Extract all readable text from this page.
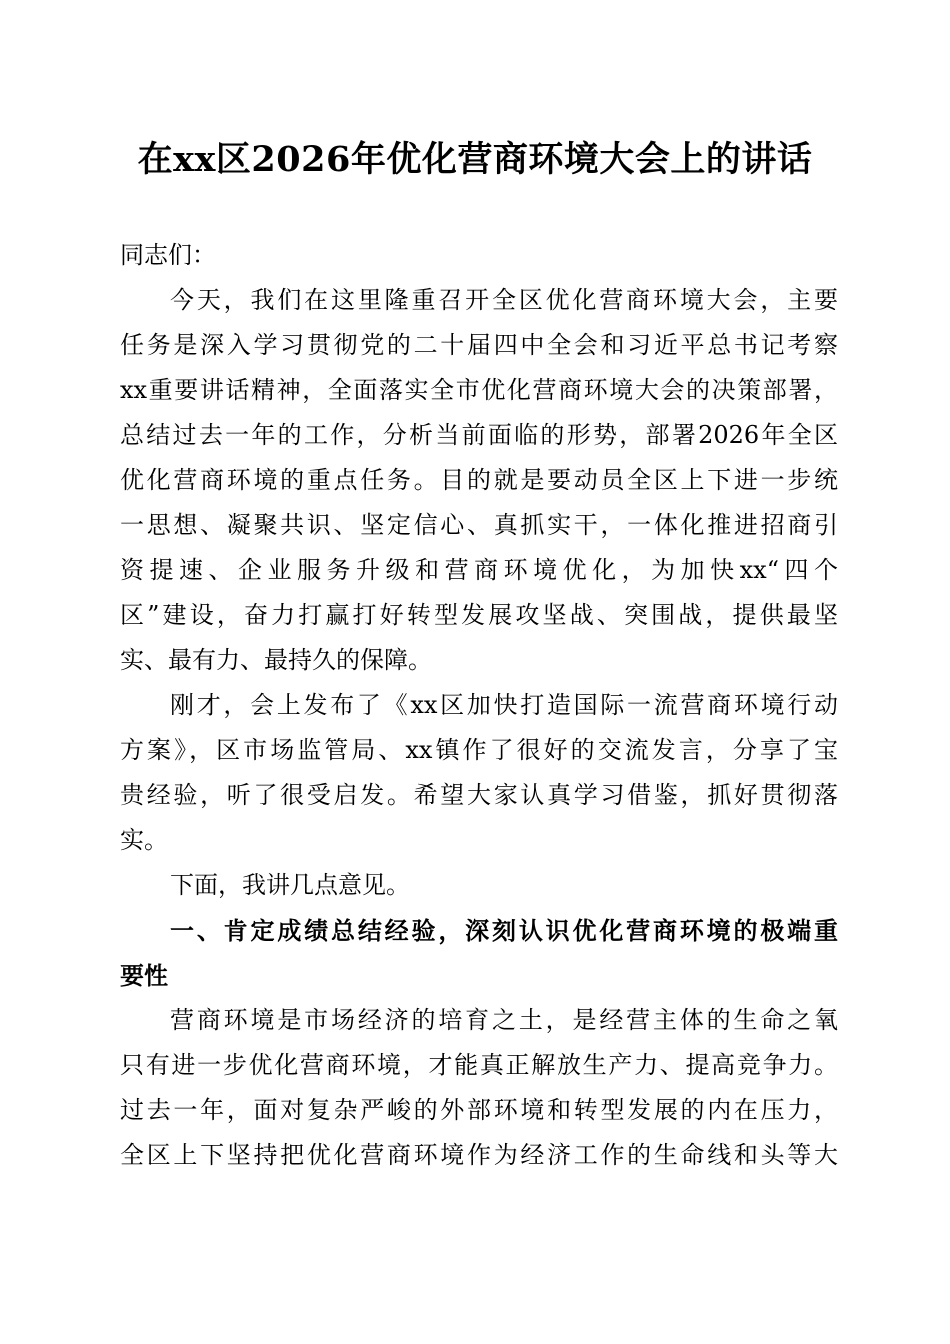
在xx区2026年优化营商环境大会上的讲话
同志们：
今天，我们在这里隆重召开全区优化营商环境大会，主要
任务是深入学习贯彻党的二十届四中全会和习近平总书记考察
xx重要讲话精神，全面落实全市优化营商环境大会的决策部署，
总结过去一年的工作，分析当前面临的形势，部署2026年全区
优化营商环境的重点任务。目的就是要动员全区上下进一步统
一思想、凝聚共识、坚定信心、真抓实干，一体化推进招商引
资提速、企业服务升级和营商环境优化，为加快xx“四个
区”建设，奋力打赢打好转型发展攻坚战、突围战，提供最坚
实、最有力、最持久的保障。
刚才，会上发布了《xx区加快打造国际一流营商环境行动
方案》，区市场监管局、xx镇作了很好的交流发言，分享了宝
贵经验，听了很受启发。希望大家认真学习借鉴，抓好贯彻落
实。
下面，我讲几点意见。
一、肯定成绩总结经验，深刻认识优化营商环境的极端重
要性
营商环境是市场经济的培育之土，是经营主体的生命之氧
只有进一步优化营商环境，才能真正解放生产力、提高竞争力。
过去一年，面对复杂严峻的外部环境和转型发展的内在压力，
全区上下坚持把优化营商环境作为经济工作的生命线和头等大
